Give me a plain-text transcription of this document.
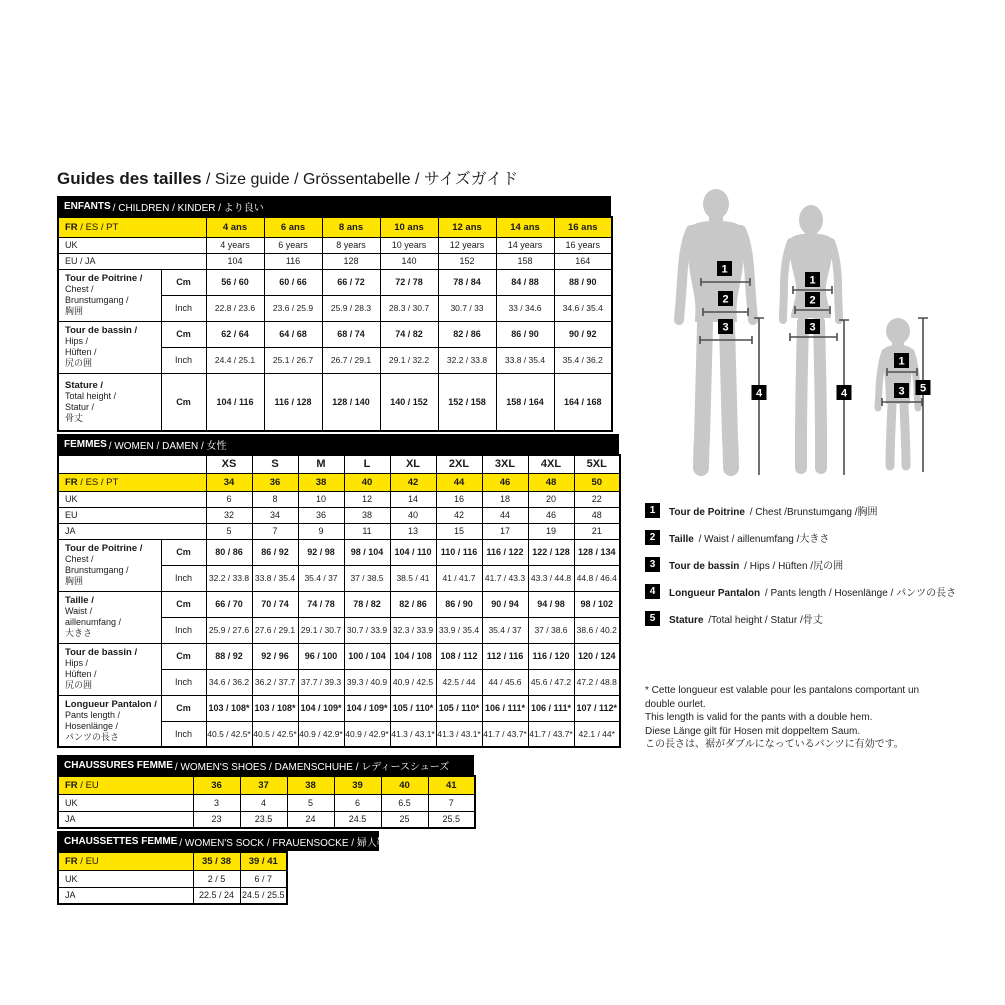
Guides des tailles / Size guide / Grössentabelle / サイズガイド
ENFANTS / CHILDREN / KINDER / より良い
FR / ES / PT		4 ans	6 ans	8 ans	10 ans	12 ans	14 ans	16 ans
UK		4 years	6 years	8 years	10 years	12 years	14 years	16 years
EU / JA		104	116	128	140	152	158	164

Tour de Poitrine /
Chest /
Brunstumgang /
胸囲	Cm	56 / 60	60 / 66	66 / 72	72 / 78	78 / 84	84 / 88	88 / 90
	Inch	22.8 / 23.6	23.6 / 25.9	25.9 / 28.3	28.3 / 30.7	30.7 / 33	33 / 34.6	34.6 / 35.4

Tour de bassin /
Hips /
Hüften /
尻の囲	Cm	62 / 64	64 / 68	68 / 74	74 / 82	82 / 86	86 / 90	90 / 92
	Inch	24.4 / 25.1	25.1 / 26.7	26.7 / 29.1	29.1 / 32.2	32.2 / 33.8	33.8 / 35.4	35.4 / 36.2

Stature /
Total height /
Statur /
骨丈	Cm	104 / 116	116 / 128	128 / 140	140 / 152	152 / 158	158 / 164	164 / 168
FEMMES / WOMEN / DAMEN / 女性
		XS	S	M	L	XL	2XL	3XL	4XL	5XL
FR / ES / PT		34	36	38	40	42	44	46	48	50
UK		6	8	10	12	14	16	18	20	22
EU		32	34	36	38	40	42	44	46	48
JA		5	7	9	11	13	15	17	19	21

Tour de Poitrine /
Chest /
Brunstumgang /
胸囲	Cm	80 / 86	86 / 92	92 / 98	98 / 104	104 / 110	110 / 116	116 / 122	122 / 128	128 / 134
	Inch	32.2 / 33.8	33.8 / 35.4	35.4 / 37	37 / 38.5	38.5 / 41	41 / 41.7	41.7 / 43.3	43.3 / 44.8	44.8 / 46.4

Taille /
Waist /
aillenumfang /
大きさ	Cm	66 / 70	70 / 74	74 / 78	78 / 82	82 / 86	86 / 90	90 / 94	94 / 98	98 / 102
	Inch	25.9 / 27.6	27.6 / 29.1	29.1 / 30.7	30.7 / 33.9	32.3 / 33.9	33.9 / 35.4	35.4 / 37	37 / 38.6	38.6 / 40.2

Tour de bassin /
Hips /
Hüften /
尻の囲	Cm	88 / 92	92 / 96	96 / 100	100 / 104	104 / 108	108 / 112	112 / 116	116 / 120	120 / 124
	Inch	34.6 / 36.2	36.2 / 37.7	37.7 / 39.3	39.3 / 40.9	40.9 / 42.5	42.5 / 44	44 / 45.6	45.6 / 47.2	47.2 / 48.8

Longueur Pantalon /
Pants length /
Hosenlänge /
パンツの長さ	Cm	103 / 108*	103 / 108*	104 / 109*	104 / 109*	105 / 110*	105 / 110*	106 / 111*	106 / 111*	107 / 112*
	Inch	40.5 / 42.5*	40.5 / 42.5*	40.9 / 42.9*	40.9 / 42.9*	41.3 / 43.1*	41.3 / 43.1*	41.7 / 43.7*	41.7 / 43.7*	42.1 / 44*
CHAUSSURES FEMME / WOMEN'S SHOES / DAMENSCHUHE / レディースシューズ
FR / EU	36	37	38	39	40	41
UK	3	4	5	6	6.5	7
JA	23	23.5	24	24.5	25	25.5
CHAUSSETTES FEMME / WOMEN'S SOCK / FRAUENSOCKE / 婦人靴下
FR / EU	35 / 38	39 / 41
UK	2 / 5	6 / 7
JA	22.5 / 24	24.5 / 25.5
1
2
3
4
1
2
3
4
1
3 5
1	Tour de Poitrine / Chest /Brunstumgang /胸囲
2	Taille / Waist / aillenumfang /大きさ
3	Tour de bassin / Hips / Hüften /尻の囲
4	Longueur Pantalon / Pants length / Hosenlänge / パンツの長さ
5	Stature /Total height / Statur /骨丈
* Cette longueur est valable pour les pantalons comportant un
double ourlet.
This length is valid for the pants with a double hem.
Diese Länge gilt für Hosen mit doppeltem Saum.
この長さは、裾がダブルになっているパンツに有効です。
